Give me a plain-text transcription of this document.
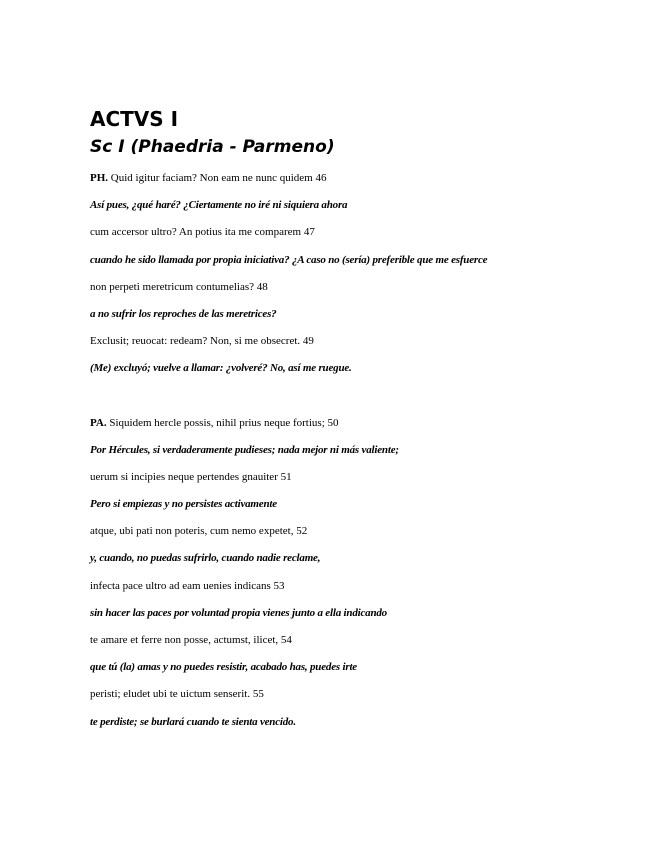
ACTVS I
Sc I (Phaedria - Parmeno)

PH. Quid igitur faciam? Non eam ne nunc quidem 46

Así pues, ¿qué haré? ¿Ciertamente no iré ni siquiera ahora

cum accersor ultro? An potius ita me comparem 47

cuando he sido llamada por propia iniciativa? ¿A caso no (sería) preferible que me esfuerce

non perpeti meretricum contumelias? 48

a no sufrir los reproches de las meretrices?

Exclusit; reuocat: redeam? Non, si me obsecret. 49

(Me) excluyó; vuelve a llamar: ¿volveré? No, así me ruegue.

PA. Siquidem hercle possis, nihil prius neque fortius; 50

Por Hércules, si verdaderamente pudieses; nada mejor ni más valiente;

uerum si incipies neque pertendes gnauiter 51

Pero si empiezas y no persistes activamente

atque, ubi pati non poteris, cum nemo expetet, 52

y, cuando, no puedas sufrirlo, cuando nadie reclame,

infecta pace ultro ad eam uenies indicans 53

sin hacer las paces por voluntad propia vienes junto a ella indicando

te amare et ferre non posse, actumst, ilicet, 54

que tú (la) amas y no puedes resistir, acabado has, puedes irte

peristi; eludet ubi te uictum senserit. 55

te perdiste; se burlará cuando te sienta vencido.
